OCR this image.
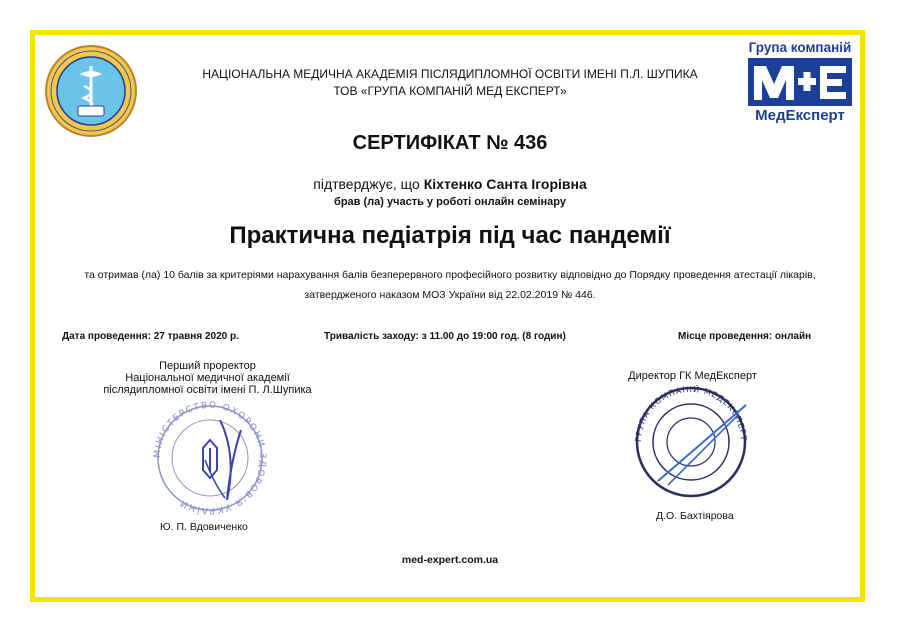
НАЦІОНАЛЬНА МЕДИЧНА АКАДЕМІЯ ПІСЛЯДИПЛОМНОЇ ОСВІТИ ІМЕНІ П.Л. ШУПИКА
ТОВ «ГРУПА КОМПАНІЙ МЕД ЕКСПЕРТ»
Група компаній
МедЕксперт
СЕРТИФІКАТ № 436
підтверджує, що Кіхтенко Санта Ігорівна
брав (ла) участь у роботі онлайн семінару
Практична педіатрія під час пандемії
та отримав (ла) 10 балів за критеріями нарахування балів безперервного професійного розвитку відповідно до Порядку проведення атестації лікарів,
затвердженого наказом МОЗ України від 22.02.2019 № 446.
Дата проведення: 27 травня 2020 р.	Тривалість заходу: з 11.00 до 19:00 год. (8 годин)	Місце проведення: онлайн
Перший проректор
Національної медичної академії
післядипломної освіти імені П. Л.Шупика
МІНІСТЕРСТВО ОХОРОНИ ЗДОРОВ'Я УКРАЇНИ
Ю. П. Вдовиченко
Директор ГК МедЕксперт
ГРУПА КОМПАНІЙ МЕДЕКСПЕРТ
Д.О. Бахтіярова
med-expert.com.ua
